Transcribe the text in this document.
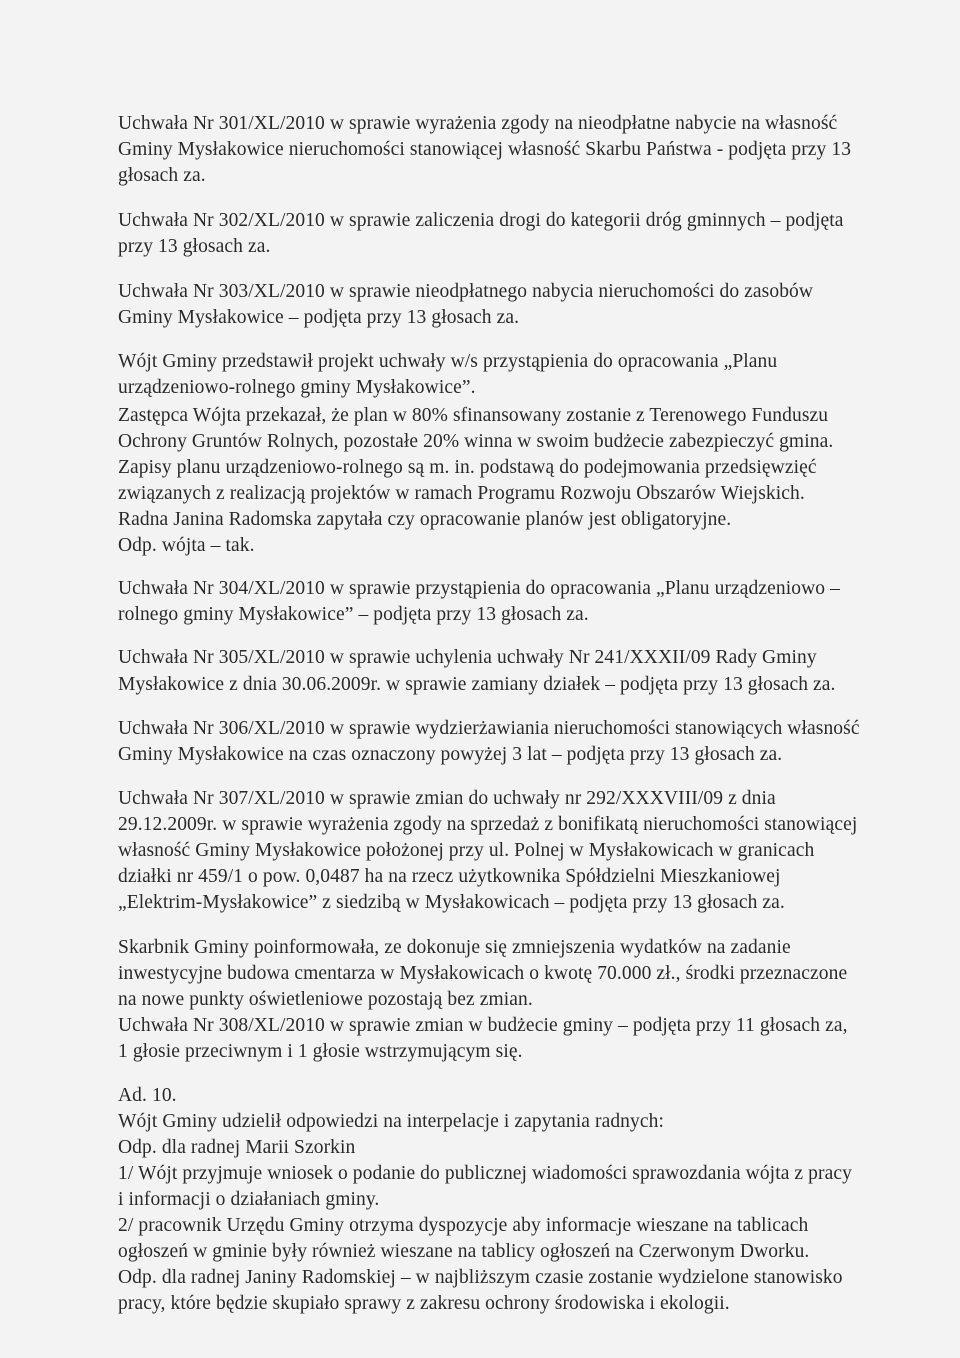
Uchwała Nr 301/XL/2010 w sprawie wyrażenia zgody na nieodpłatne nabycie na własność
Gminy Mysłakowice nieruchomości stanowiącej własność Skarbu Państwa - podjęta przy 13
głosach za.
Uchwała Nr 302/XL/2010 w sprawie zaliczenia drogi do kategorii dróg gminnych – podjęta
przy 13 głosach za.
Uchwała Nr 303/XL/2010 w sprawie nieodpłatnego nabycia nieruchomości do zasobów
Gminy Mysłakowice – podjęta przy 13 głosach za.
Wójt Gminy przedstawił projekt uchwały w/s przystąpienia do opracowania „Planu
urządzeniowo-rolnego gminy Mysłakowice”.
Zastępca Wójta przekazał, że plan w 80% sfinansowany zostanie z Terenowego Funduszu
Ochrony Gruntów Rolnych, pozostałe 20% winna w swoim budżecie zabezpieczyć gmina.
Zapisy planu urządzeniowo-rolnego są m. in. podstawą do podejmowania przedsięwzięć
związanych z realizacją projektów w ramach Programu Rozwoju Obszarów Wiejskich.
Radna Janina Radomska zapytała czy opracowanie planów jest obligatoryjne.
Odp. wójta – tak.
Uchwała Nr 304/XL/2010 w sprawie przystąpienia do opracowania „Planu urządzeniowo –
rolnego gminy Mysłakowice” – podjęta przy 13 głosach za.
Uchwała Nr 305/XL/2010 w sprawie uchylenia uchwały Nr 241/XXXII/09 Rady Gminy
Mysłakowice z dnia 30.06.2009r. w sprawie zamiany działek – podjęta przy 13 głosach za.
Uchwała Nr 306/XL/2010 w sprawie wydzierżawiania nieruchomości stanowiących własność
Gminy Mysłakowice na czas oznaczony powyżej 3 lat – podjęta przy 13 głosach za.
Uchwała Nr 307/XL/2010 w sprawie zmian do uchwały nr 292/XXXVIII/09 z dnia
29.12.2009r. w sprawie wyrażenia zgody na sprzedaż z bonifikatą nieruchomości stanowiącej
własność Gminy Mysłakowice położonej przy ul. Polnej w Mysłakowicach w granicach
działki nr 459/1 o pow. 0,0487 ha na rzecz użytkownika Spółdzielni Mieszkaniowej
„Elektrim-Mysłakowice” z siedzibą w Mysłakowicach – podjęta przy 13 głosach za.
Skarbnik Gminy poinformowała, ze dokonuje się zmniejszenia wydatków na zadanie
inwestycyjne budowa cmentarza w Mysłakowicach o kwotę 70.000 zł., środki przeznaczone
na nowe punkty oświetleniowe pozostają bez zmian.
Uchwała Nr 308/XL/2010 w sprawie zmian w budżecie gminy – podjęta przy 11 głosach za,
1 głosie przeciwnym i 1 głosie wstrzymującym się.
Ad. 10.
Wójt Gminy udzielił odpowiedzi na interpelacje i zapytania radnych:
Odp. dla radnej Marii Szorkin
1/ Wójt przyjmuje wniosek o podanie do publicznej wiadomości sprawozdania wójta z pracy
i informacji o działaniach gminy.
2/ pracownik Urzędu Gminy otrzyma dyspozycje aby informacje wieszane na tablicach
ogłoszeń w gminie były również wieszane na tablicy ogłoszeń na Czerwonym Dworku.
Odp. dla radnej Janiny Radomskiej – w najbliższym czasie zostanie wydzielone stanowisko
pracy, które będzie skupiało sprawy z zakresu ochrony środowiska i ekologii.
